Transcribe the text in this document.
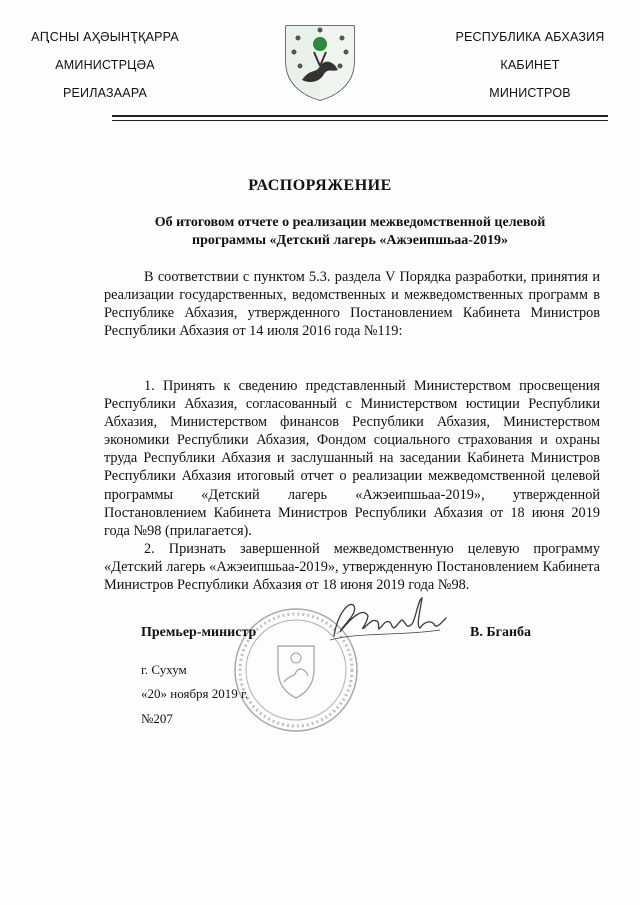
АԤСНЫ АҲӘЫНҬҚАРРА
АМИНИСТРЦӘА
РЕИЛАЗААРА
РЕСПУБЛИКА АБХАЗИЯ
КАБИНЕТ
МИНИСТРОВ
РАСПОРЯЖЕНИЕ
Об итоговом отчете о реализации межведомственной целевой
программы «Детский лагерь «Ажэеипшьаа-2019»

В соответствии с пунктом 5.3. раздела V Порядка разработки, принятия и реализации государственных, ведомственных и межведомственных программ в Республике Абхазия, утвержденного Постановлением Кабинета Министров Республики Абхазия от 14 июля 2016 года №119:

1. Принять к сведению представленный Министерством просвещения Республики Абхазия, согласованный с Министерством юстиции Республики Абхазия, Министерством финансов Республики Абхазия, Министерством экономики Республики Абхазия, Фондом социального страхования и охраны труда Республики Абхазия и заслушанный на заседании Кабинета Министров Республики Абхазия итоговый отчет о реализации межведомственной целевой программы «Детский лагерь «Ажэеипшьаа-2019», утвержденной Постановлением Кабинета Министров Республики Абхазия от 18 июня 2019 года №98 (прилагается).

2. Признать завершенной межведомственную целевую программу «Детский лагерь «Ажэеипшьаа-2019», утвержденную Постановлением Кабинета Министров Республики Абхазия от 18 июня 2019 года №98.

Премьер-министр	В. Бганба
г. Сухум
«20» ноября 2019 г.
№207
